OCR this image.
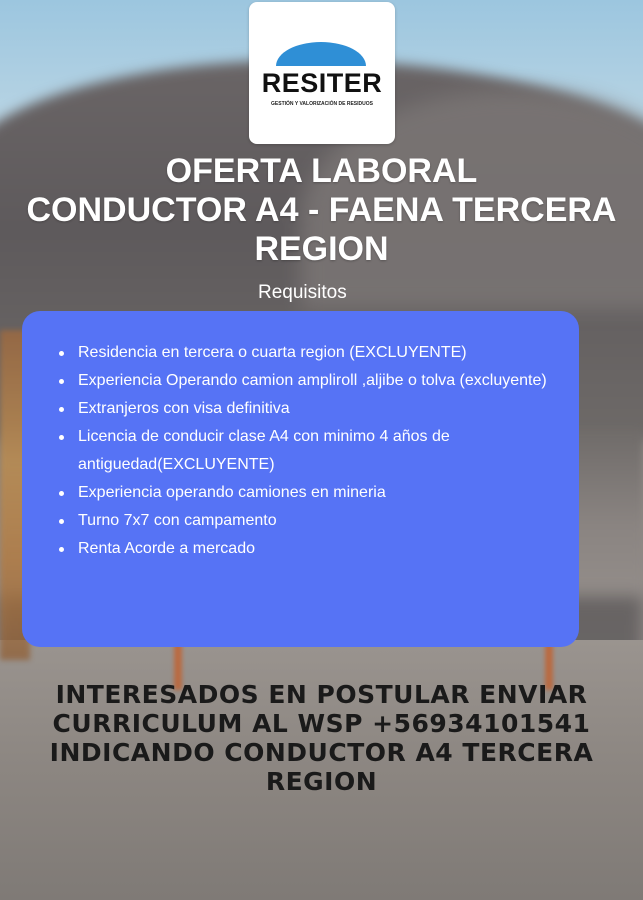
RESITER
GESTIÓN Y VALORIZACIÓN DE RESIDUOS
OFERTA LABORAL
CONDUCTOR A4 - FAENA TERCERA
REGION
Requisitos
Residencia en tercera o cuarta region (EXCLUYENTE)
Experiencia Operando camion ampliroll ,aljibe o tolva (excluyente)
Extranjeros con visa definitiva
Licencia de conducir clase A4 con minimo 4 años de antiguedad(EXCLUYENTE)
Experiencia operando camiones en mineria
Turno 7x7 con campamento
Renta Acorde a mercado
INTERESADOS EN POSTULAR ENVIAR
CURRICULUM AL WSP +56934101541
INDICANDO CONDUCTOR A4 TERCERA
REGION
